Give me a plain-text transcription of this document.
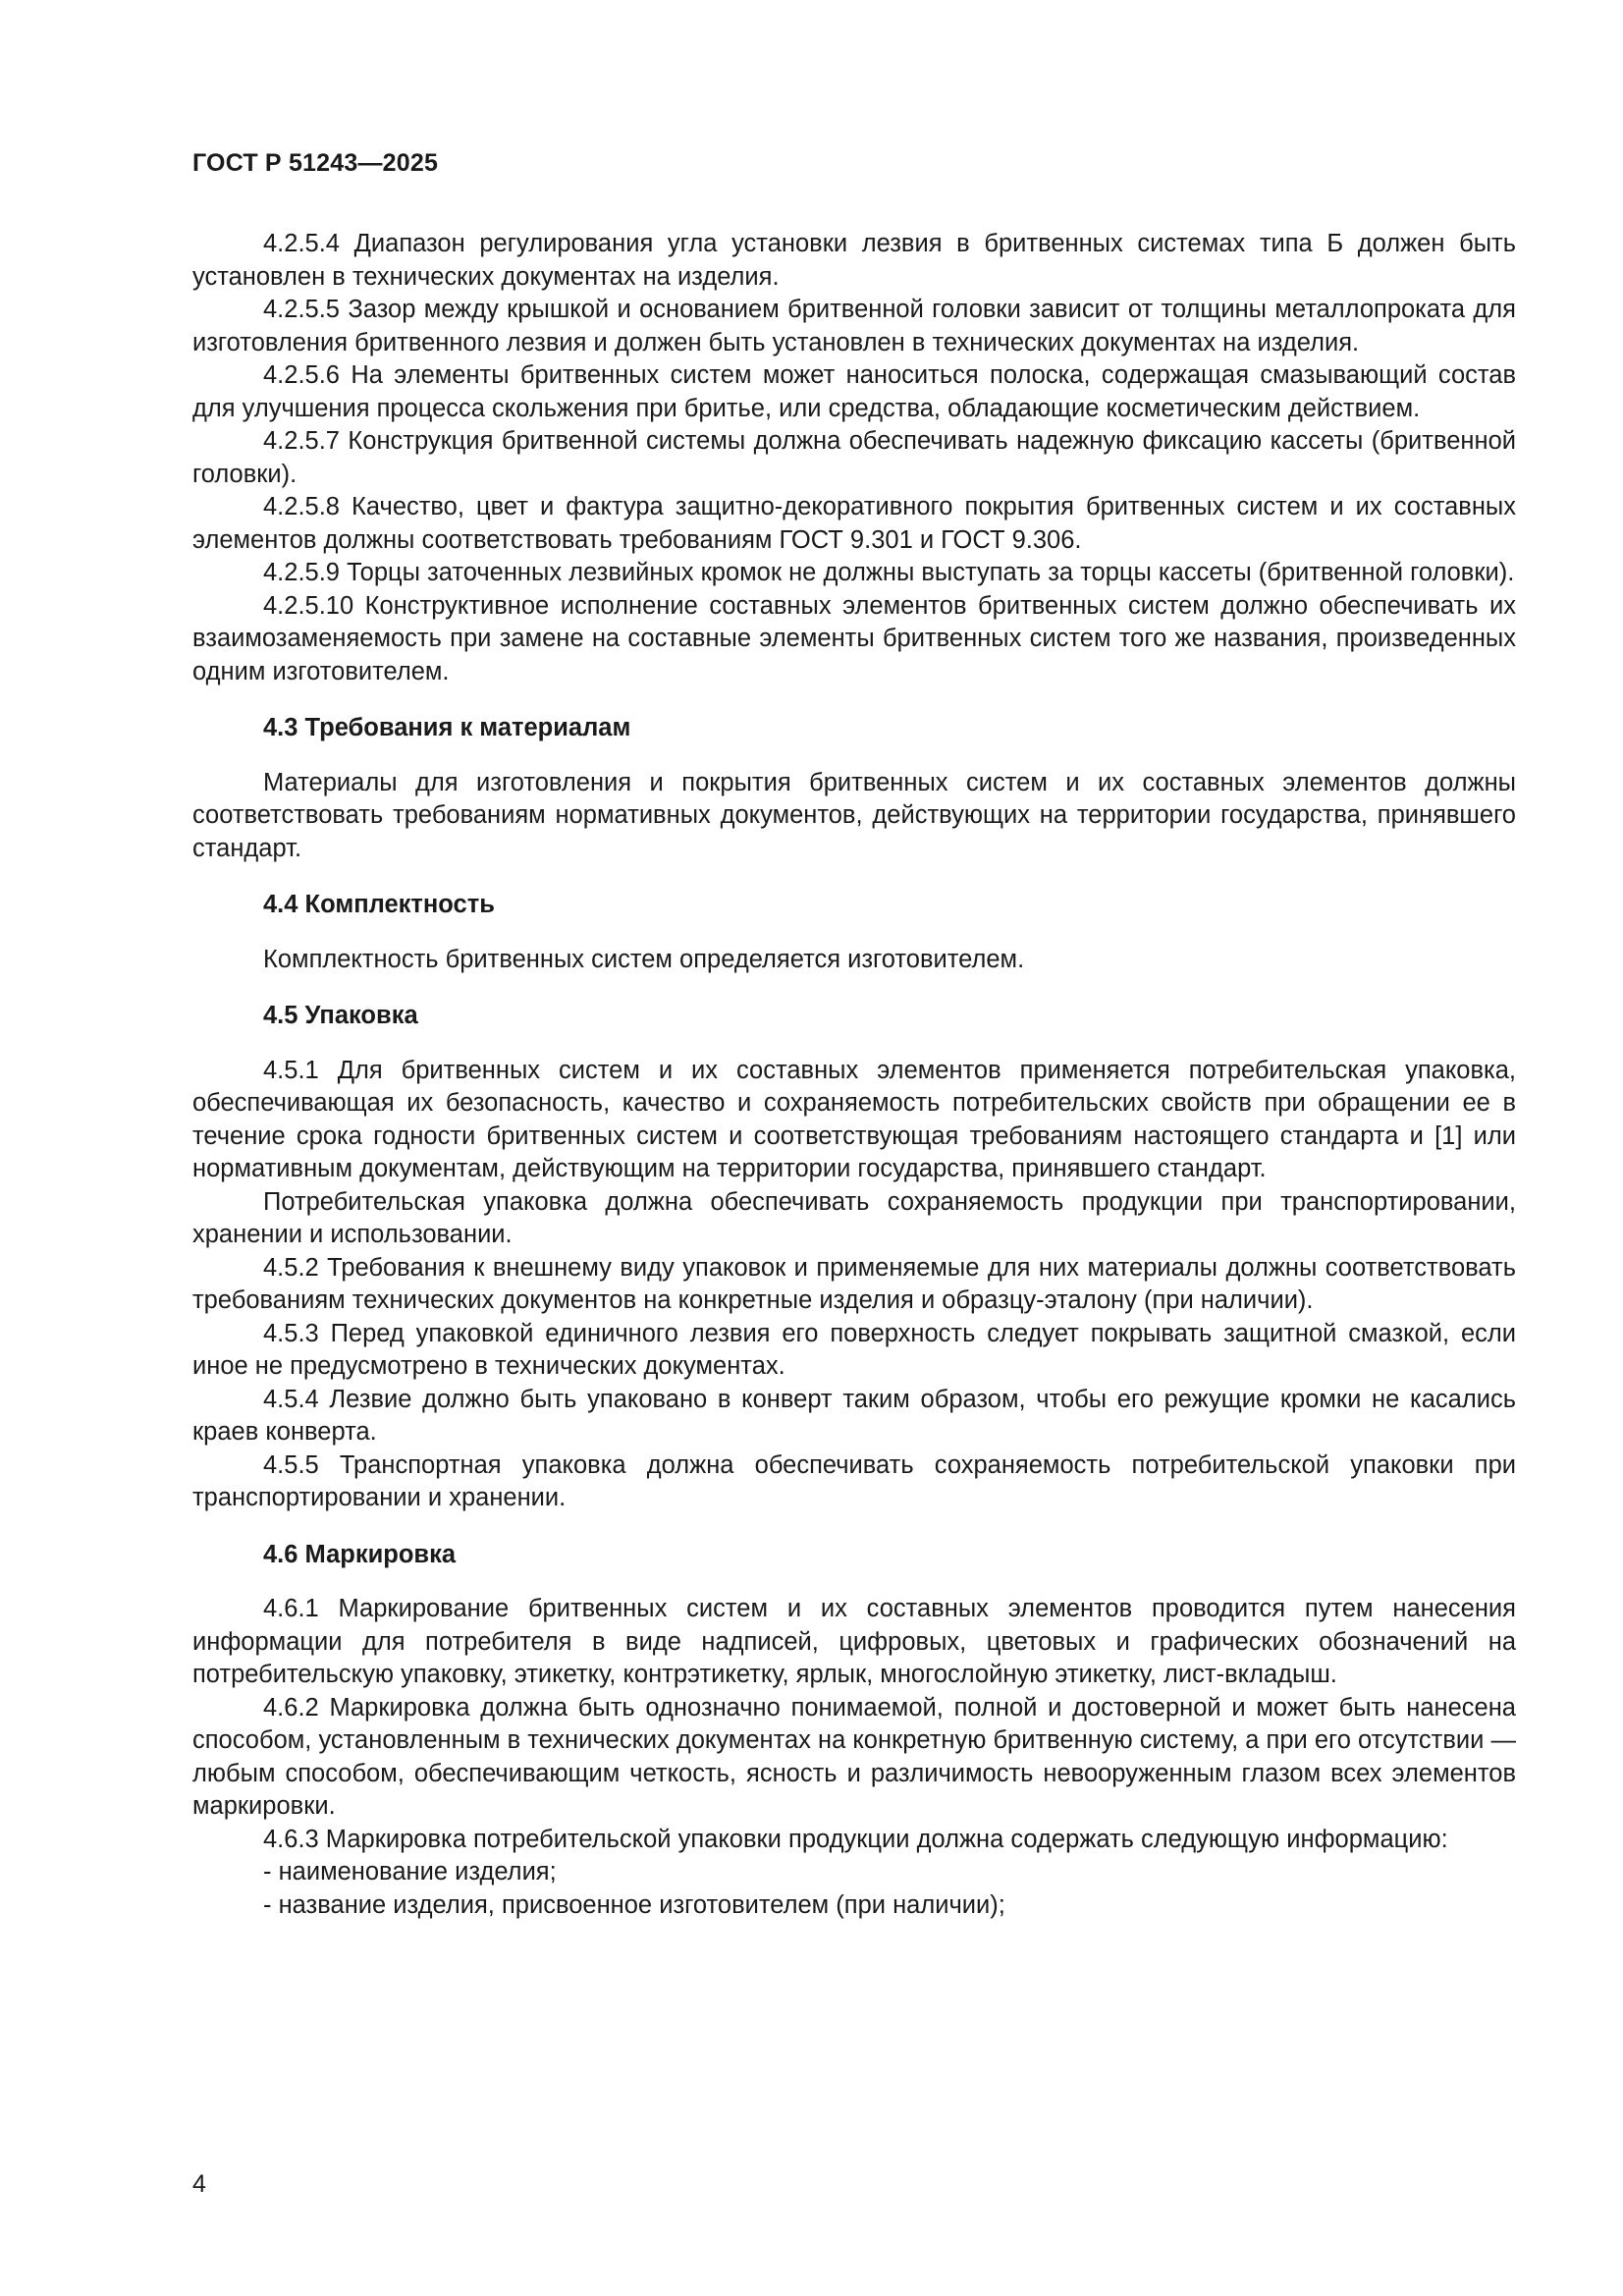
ГОСТ Р 51243—2025

4.2.5.4 Диапазон регулирования угла установки лезвия в бритвенных системах типа Б должен быть установлен в технических документах на изделия.

4.2.5.5 Зазор между крышкой и основанием бритвенной головки зависит от толщины металлопроката для изготовления бритвенного лезвия и должен быть установлен в технических документах на изделия.

4.2.5.6 На элементы бритвенных систем может наноситься полоска, содержащая смазывающий состав для улучшения процесса скольжения при бритье, или средства, обладающие косметическим действием.

4.2.5.7 Конструкция бритвенной системы должна обеспечивать надежную фиксацию кассеты (бритвенной головки).

4.2.5.8 Качество, цвет и фактура защитно-декоративного покрытия бритвенных систем и их составных элементов должны соответствовать требованиям ГОСТ 9.301 и ГОСТ 9.306.

4.2.5.9 Торцы заточенных лезвийных кромок не должны выступать за торцы кассеты (бритвенной головки).

4.2.5.10 Конструктивное исполнение составных элементов бритвенных систем должно обеспечивать их взаимозаменяемость при замене на составные элементы бритвенных систем того же названия, произведенных одним изготовителем.

4.3 Требования к материалам

Материалы для изготовления и покрытия бритвенных систем и их составных элементов должны соответствовать требованиям нормативных документов, действующих на территории государства, принявшего стандарт.

4.4 Комплектность

Комплектность бритвенных систем определяется изготовителем.

4.5 Упаковка

4.5.1 Для бритвенных систем и их составных элементов применяется потребительская упаковка, обеспечивающая их безопасность, качество и сохраняемость потребительских свойств при обращении ее в течение срока годности бритвенных систем и соответствующая требованиям настоящего стандарта и [1] или нормативным документам, действующим на территории государства, принявшего стандарт.

Потребительская упаковка должна обеспечивать сохраняемость продукции при транспортировании, хранении и использовании.

4.5.2 Требования к внешнему виду упаковок и применяемые для них материалы должны соответствовать требованиям технических документов на конкретные изделия и образцу-эталону (при наличии).

4.5.3 Перед упаковкой единичного лезвия его поверхность следует покрывать защитной смазкой, если иное не предусмотрено в технических документах.

4.5.4 Лезвие должно быть упаковано в конверт таким образом, чтобы его режущие кромки не касались краев конверта.

4.5.5 Транспортная упаковка должна обеспечивать сохраняемость потребительской упаковки при транспортировании и хранении.

4.6 Маркировка

4.6.1 Маркирование бритвенных систем и их составных элементов проводится путем нанесения информации для потребителя в виде надписей, цифровых, цветовых и графических обозначений на потребительскую упаковку, этикетку, контрэтикетку, ярлык, многослойную этикетку, лист-вкладыш.

4.6.2 Маркировка должна быть однозначно понимаемой, полной и достоверной и может быть нанесена способом, установленным в технических документах на конкретную бритвенную систему, а при его отсутствии — любым способом, обеспечивающим четкость, ясность и различимость невооруженным глазом всех элементов маркировки.

4.6.3 Маркировка потребительской упаковки продукции должна содержать следующую информацию:

- наименование изделия;

- название изделия, присвоенное изготовителем (при наличии);

4
